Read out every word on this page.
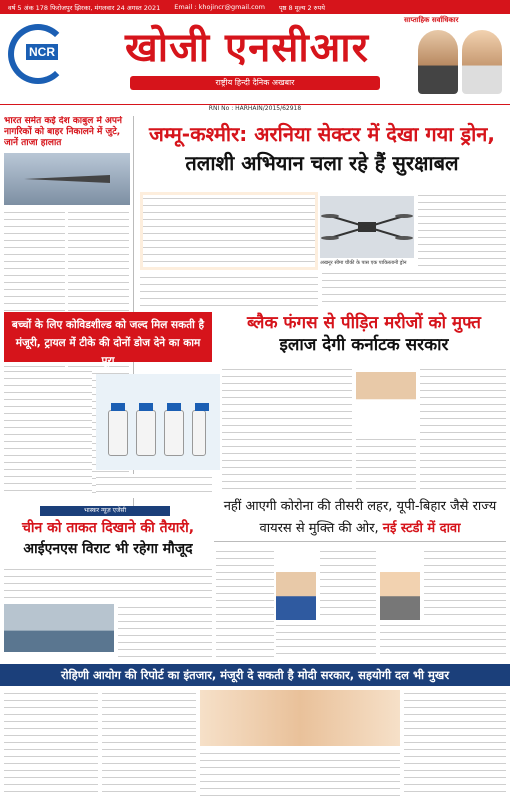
वर्ष 5 अंक 178 फिरोजपुर झिरका, मंगलवार 24 अगस्त 2021 Email : khojincr@gmail.com पृष्ठ 8 मूल्य 2 रुपये
NCR	खोजी एनसीआर
साप्ताहिक सर्वाधिकार
राष्ट्रीय हिन्दी दैनिक अखबार
RNI No : HARHAIN/2015/62918
भारत समेत कई देश काबुल में अपने नागरिकों को बाहर निकालने में जुटे, जानें ताजा हालात	जम्मू-कश्मीर: अरनिया सेक्टर में देखा गया ड्रोन,
तलाशी अभियान चला रहे हैं सुरक्षाबल
अखनूर सीमा चौकी के पास एक पाकिस्तानी ड्रोन
बच्चों के लिए कोविडशील्ड को जल्द मिल सकती है मंजूरी, ट्रायल में टीके की दोनों डोज देने का काम पूरा
ब्लैक फंगस से पीड़ित मरीजों को मुफ्त
इलाज देगी कर्नाटक सरकार
नहीं आएगी कोरोना की तीसरी लहर, यूपी-बिहार जैसे राज्य
वायरस से मुक्ति की ओर, नई स्टडी में दावा
भास्कर न्यूज़ एजेंसी
चीन को ताकत दिखाने की तैयारी,
आईएनएस विराट भी रहेगा मौजूद
रोहिणी आयोग की रिपोर्ट का इंतजार, मंजूरी दे सकती है मोदी सरकार, सहयोगी दल भी मुखर
